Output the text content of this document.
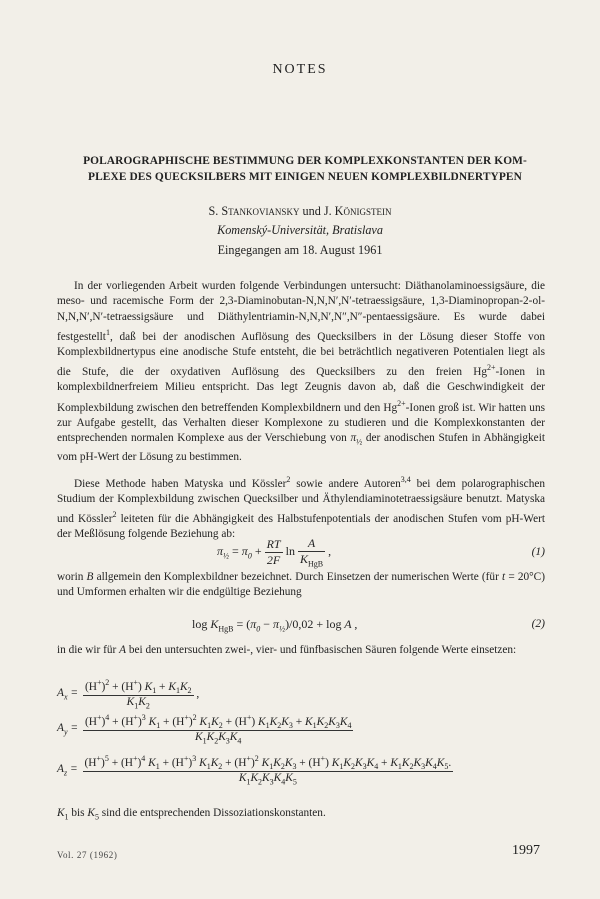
NOTES
POLAROGRAPHISCHE BESTIMMUNG DER KOMPLEXKONSTANTEN DER KOM-
PLEXE DES QUECKSILBERS MIT EINIGEN NEUEN KOMPLEXBILDNERTYPEN
S. Stankoviansky und J. Königstein
Komenský-Universität, Bratislava
Eingegangen am 18. August 1961

In der vorliegenden Arbeit wurden folgende Verbindungen untersucht: Diäthanolaminoessigsäure, die meso- und racemische Form der 2,3-Diaminobutan-N,N,N′,N′-tetraessigsäure, 1,3-Diaminopropan-2-ol-N,N,N′,N′-tetraessigsäure und Diäthylentriamin-N,N,N′,N″,N″-pentaessigsäure. Es wurde dabei festgestellt$^1$, daß bei der anodischen Auflösung des Quecksilbers in der Lösung dieser Stoffe von Komplexbildnertypus eine anodische Stufe entsteht, die bei beträchtlich negativeren Potentialen liegt als die Stufe, die der oxydativen Auflösung des Quecksilbers zu den freien $Hg^{2+}$-Ionen in komplexbildnerfreiem Milieu entspricht. Das legt Zeugnis davon ab, daß die Geschwindigkeit der Komplexbildung zwischen den betreffenden Komplexbildnern und den $Hg^{2+}$-Ionen groß ist. Wir hatten uns zur Aufgabe gestellt, das Verhalten dieser Komplexone zu studieren und die Komplexkonstanten der entsprechenden normalen Komplexe aus der Verschiebung von $\pi_{\frac{1}{2}}$ der anodischen Stufen in Abhängigkeit vom pH-Wert der Lösung zu bestimmen.

Diese Methode haben Matyska und Kössler$^2$ sowie andere Autoren$^{3,4}$ bei dem polarographischen Studium der Komplexbildung zwischen Quecksilber und Äthylendiaminotetraessigsäure benutzt. Matyska und Kössler$^2$ leiteten für die Abhängigkeit des Halbstufenpotentials der anodischen Stufen vom pH-Wert der Meßlösung folgende Beziehung ab:

$\pi_{\frac{1}{2}} = \pi_0 + \frac{RT}{2F}$ $\ln \frac{A}{K_{HgB}}$ ,	(1)

worin B allgemein den Komplexbildner bezeichnet. Durch Einsetzen der numerischen Werte (für t = 20°C) und Umformen erhalten wir die endgültige Beziehung

$\log K_{HgB} = (\pi_0 - \pi_{\frac{1}{2}})/0,02 + \log A$ ,	(2)

in die wir für A bei den untersuchten zwei-, vier- und fünfbasischen Säuren folgende Werte einsetzen:

$A_x = \frac{(H^+)^2 + (H^+) K_1 + K_1K_2}{K_1K_2}$ ,
$A_y = \frac{(H^+)^4 + (H^+)^3 K_1 + (H^+)^2 K_1K_2 + (H^+) K_1K_2K_3 + K_1K_2K_3K_4}{K_1K_2K_3K_4}$
$A_z$ =
$(H^+)^5 + (H^+)^4$ $K_1 + (H^+)^3$ $K_1K_2 + (H^+)^2$ $K_1K_2K_3 + (H^+) K_1K_2K_3K_4 + K_1K_2K_3K_4K_5$.
$K_1K_2K_3K_4K_5$

$K_1$ bis $K_5$ sind die entsprechenden Dissoziationskonstanten.

Vol. 27 (1962)	1997
